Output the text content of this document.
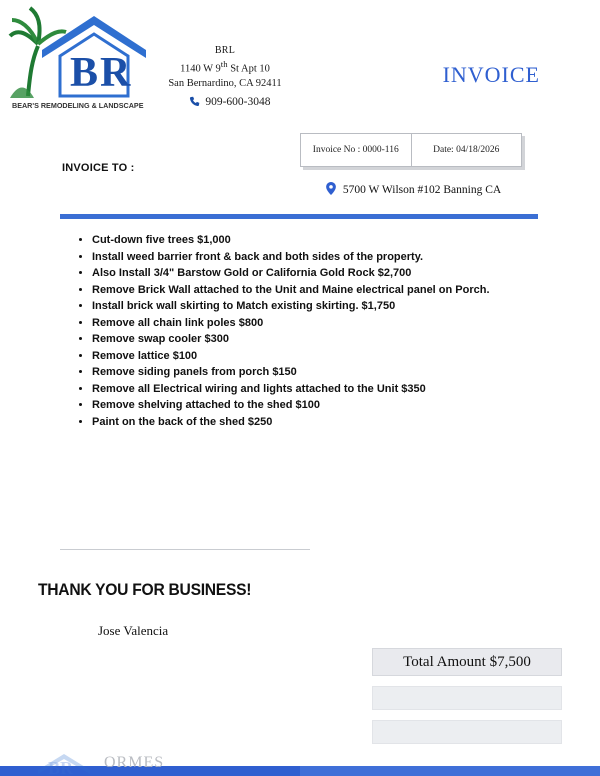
B R
BEAR'S REMODELING & LANDSCAPE
BRL
1140 W 9th St Apt 10
San Bernardino, CA 92411
909-600-3048
INVOICE
Invoice No : 0000-116	Date: 04/18/2026
INVOICE TO :
5700 W Wilson #102 Banning CA
• Cut-down five trees $1,000
• Install weed barrier front & back and both sides of the property.
• Also Install 3/4" Barstow Gold or California Gold Rock $2,700
• Remove Brick Wall attached to the Unit and Maine electrical panel on Porch.
• Install brick wall skirting to Match existing skirting. $1,750
• Remove all chain link poles $800
• Remove swap cooler $300
• Remove lattice $100
• Remove siding panels from porch $150
• Remove all Electrical wiring and lights attached to the Unit $350
• Remove shelving attached to the shed $100
• Paint on the back of the shed $250
THANK YOU FOR BUSINESS!
Jose Valencia
Total Amount $7,500
BR ORMES
